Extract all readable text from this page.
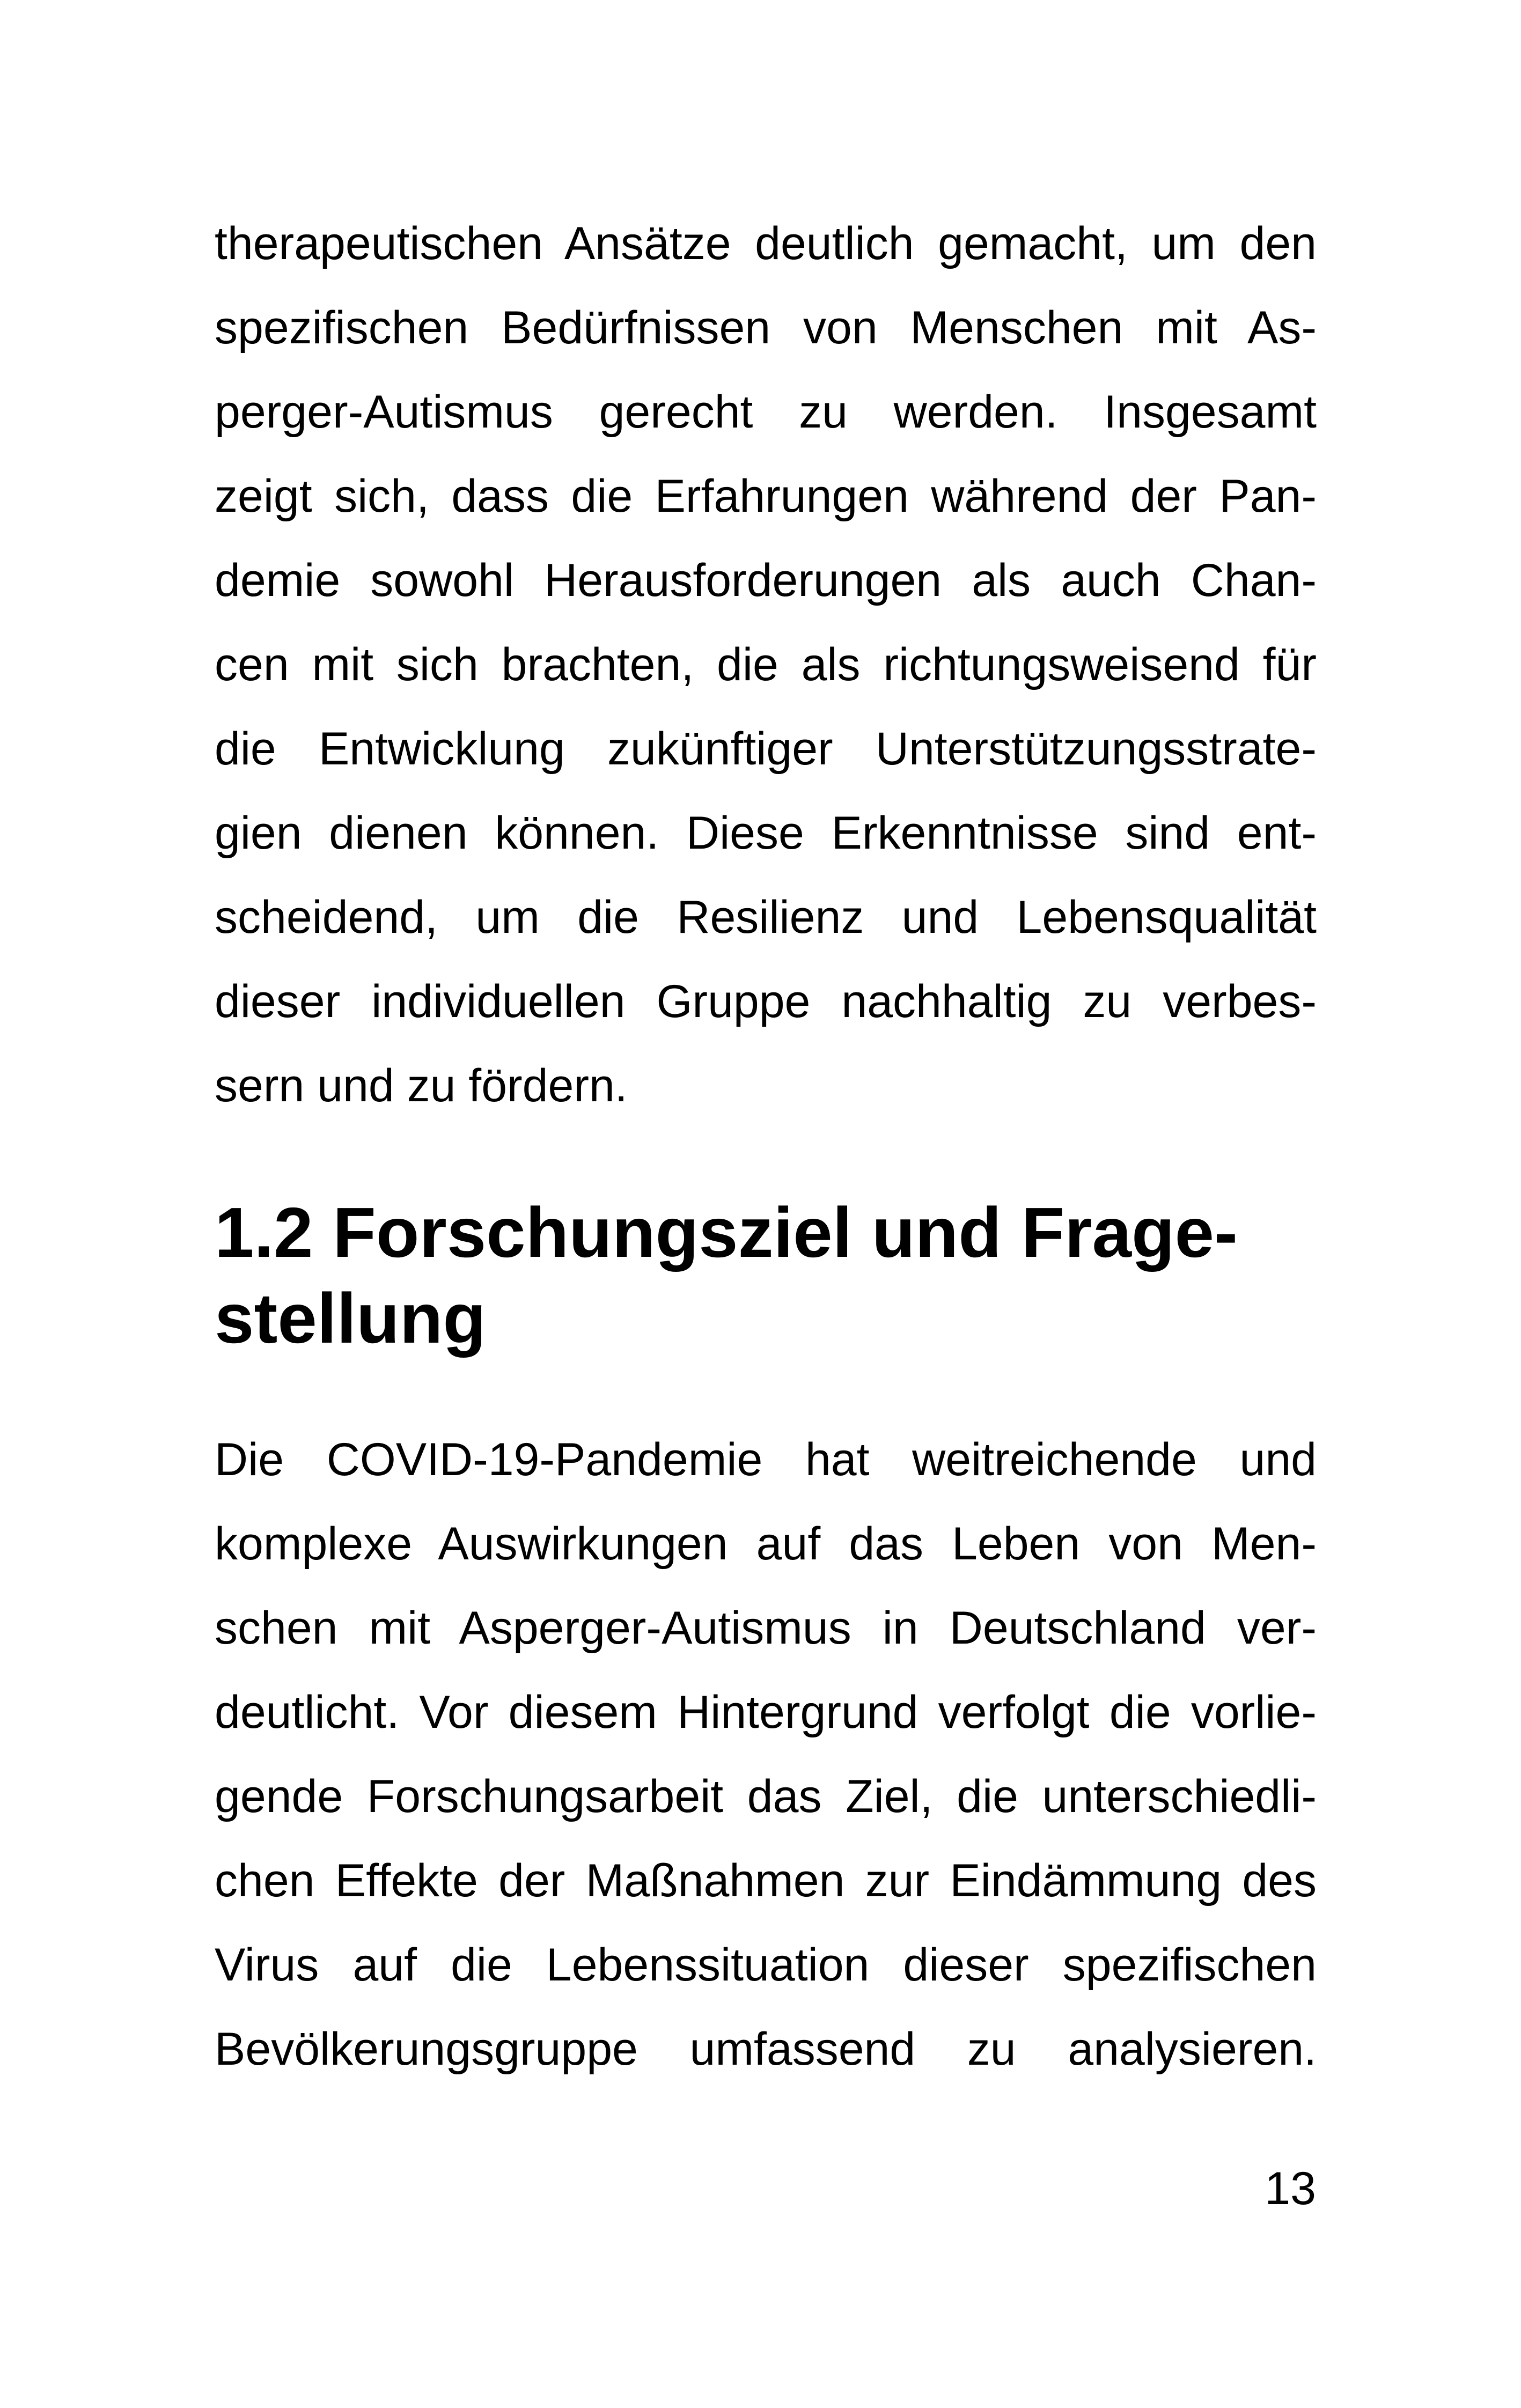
therapeutischen Ansätze deutlich gemacht, um den
spezifischen Bedürfnissen von Menschen mit As-
perger-Autismus gerecht zu werden. Insgesamt
zeigt sich, dass die Erfahrungen während der Pan-
demie sowohl Herausforderungen als auch Chan-
cen mit sich brachten, die als richtungsweisend für
die Entwicklung zukünftiger Unterstützungsstrate-
gien dienen können. Diese Erkenntnisse sind ent-
scheidend, um die Resilienz und Lebensqualität
dieser individuellen Gruppe nachhaltig zu verbes-
sern und zu fördern.
1.2 Forschungsziel und Frage-
stellung
Die COVID-19-Pandemie hat weitreichende und
komplexe Auswirkungen auf das Leben von Men-
schen mit Asperger-Autismus in Deutschland ver-
deutlicht. Vor diesem Hintergrund verfolgt die vorlie-
gende Forschungsarbeit das Ziel, die unterschiedli-
chen Effekte der Maßnahmen zur Eindämmung des
Virus auf die Lebenssituation dieser spezifischen
Bevölkerungsgruppe umfassend zu analysieren.
13
